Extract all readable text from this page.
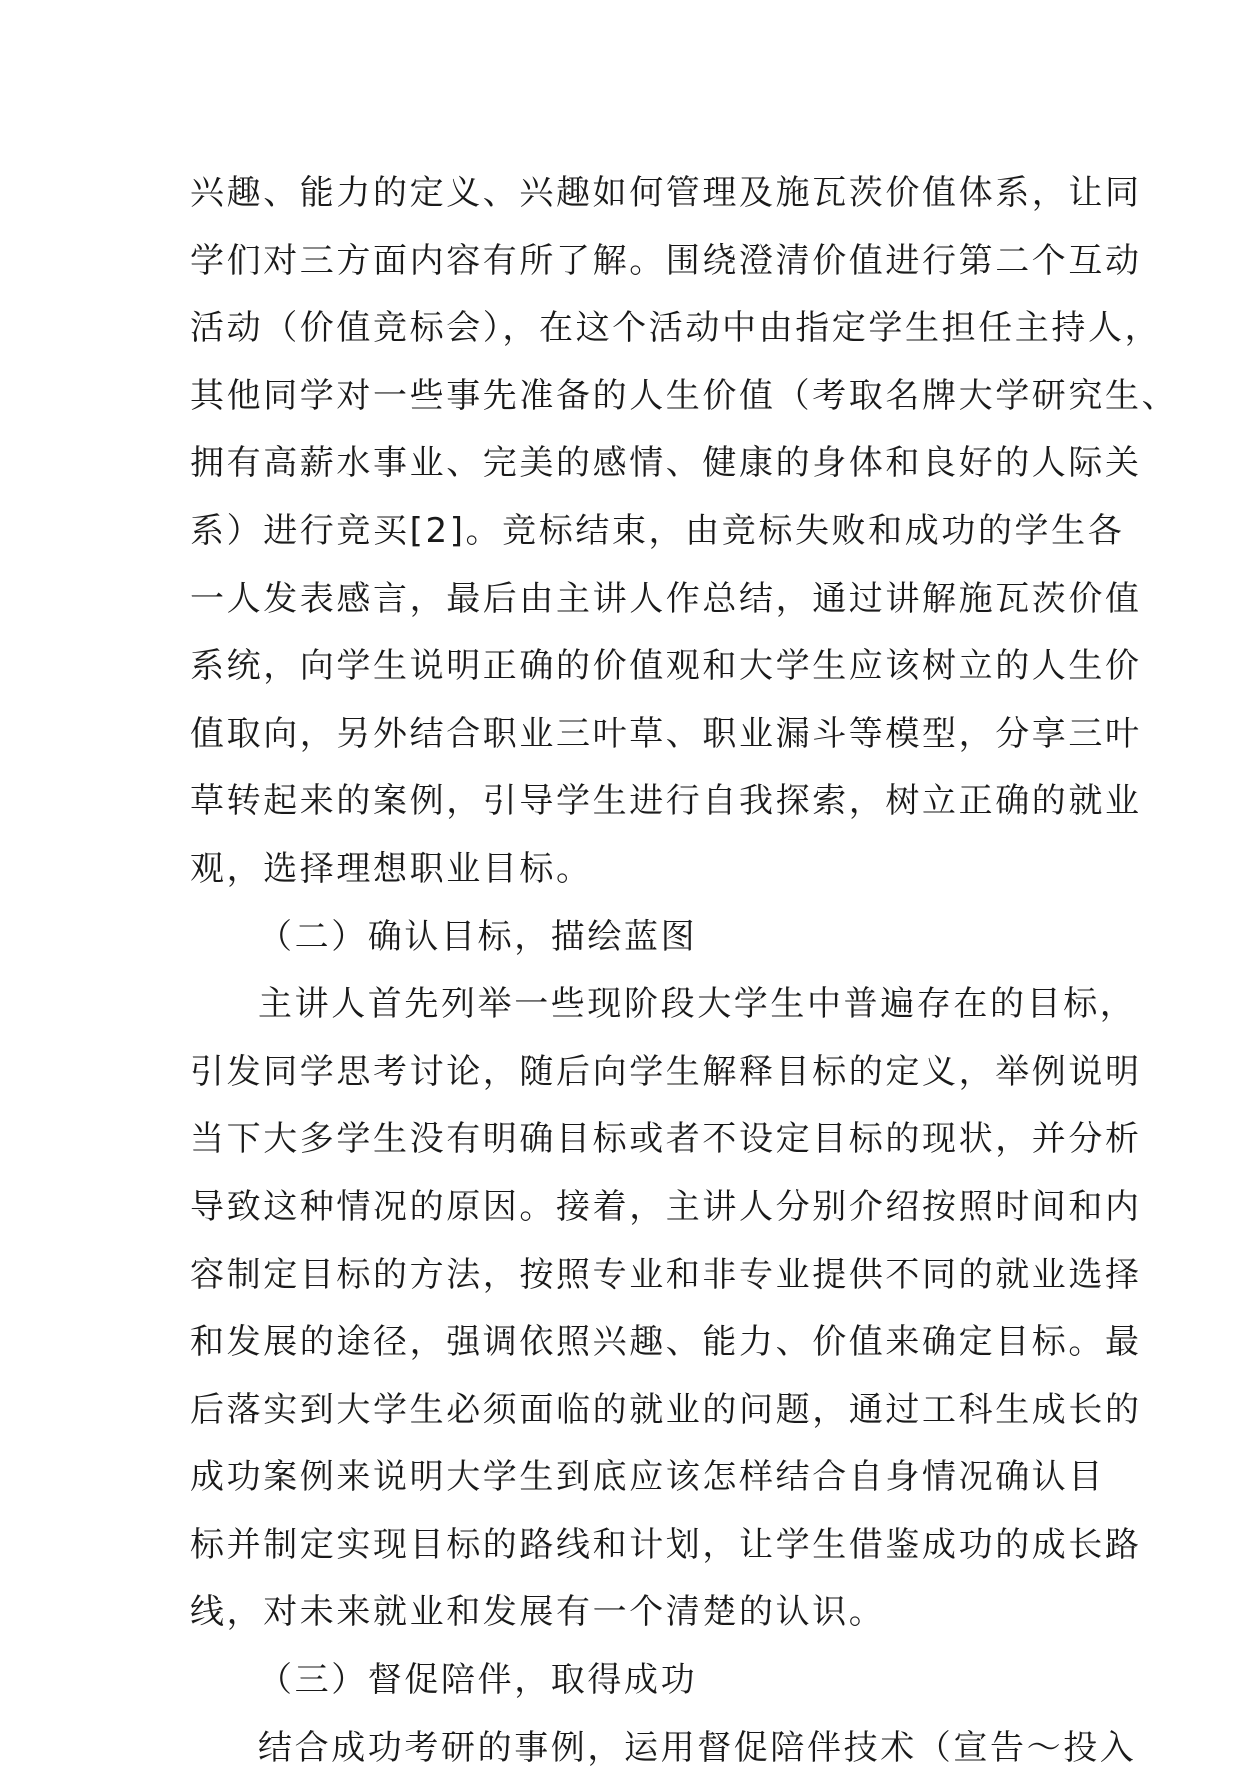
兴趣、能力的定义、兴趣如何管理及施瓦茨价值体系，让同
学们对三方面内容有所了解。围绕澄清价值进行第二个互动
活动（价值竞标会），在这个活动中由指定学生担任主持人，
其他同学对一些事先准备的人生价值（考取名牌大学研究生、
拥有高薪水事业、完美的感情、健康的身体和良好的人际关
系）进行竞买[2]。竞标结束，由竞标失败和成功的学生各
一人发表感言，最后由主讲人作总结，通过讲解施瓦茨价值
系统，向学生说明正确的价值观和大学生应该树立的人生价
值取向，另外结合职业三叶草、职业漏斗等模型，分享三叶
草转起来的案例，引导学生进行自我探索，树立正确的就业
观，选择理想职业目标。
（二）确认目标，描绘蓝图
主讲人首先列举一些现阶段大学生中普遍存在的目标，
引发同学思考讨论，随后向学生解释目标的定义，举例说明
当下大多学生没有明确目标或者不设定目标的现状，并分析
导致这种情况的原因。接着，主讲人分别介绍按照时间和内
容制定目标的方法，按照专业和非专业提供不同的就业选择
和发展的途径，强调依照兴趣、能力、价值来确定目标。最
后落实到大学生必须面临的就业的问题，通过工科生成长的
成功案例来说明大学生到底应该怎样结合自身情况确认目
标并制定实现目标的路线和计划，让学生借鉴成功的成长路
线，对未来就业和发展有一个清楚的认识。
（三）督促陪伴，取得成功
结合成功考研的事例，运用督促陪伴技术（宣告～投入
